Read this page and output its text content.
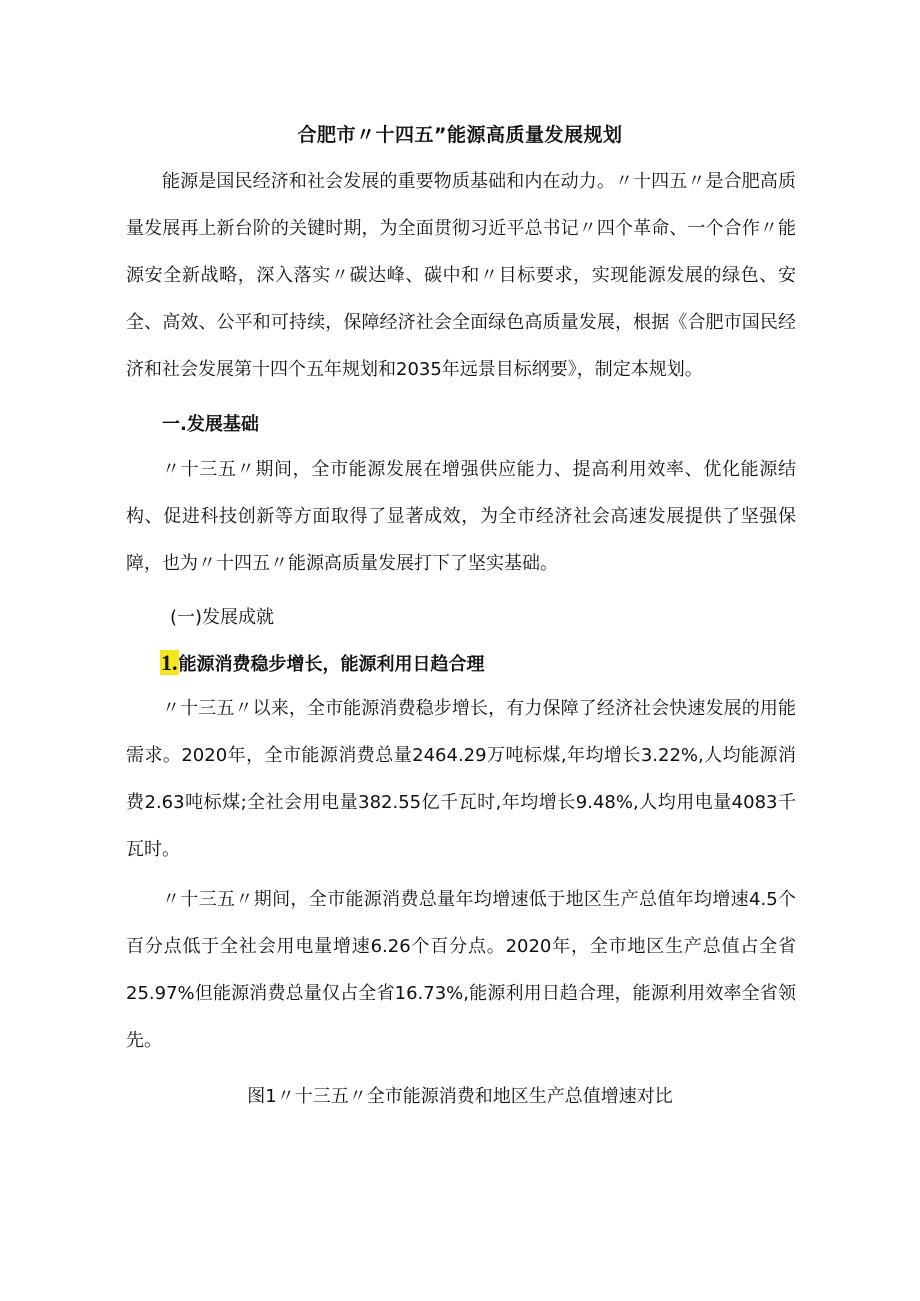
合肥市〃十四五”能源高质量发展规划

能源是国民经济和社会发展的重要物质基础和内在动力。〃十四五〃是合肥高质量发展再上新台阶的关键时期，为全面贯彻习近平总书记〃四个革命、一个合作〃能源安全新战略，深入落实〃碳达峰、碳中和〃目标要求，实现能源发展的绿色、安全、高效、公平和可持续，保障经济社会全面绿色高质量发展，根据《合肥市国民经济和社会发展第十四个五年规划和2035年远景目标纲要》，制定本规划。

一.发展基础

〃十三五〃期间，全市能源发展在增强供应能力、提高利用效率、优化能源结构、促进科技创新等方面取得了显著成效，为全市经济社会高速发展提供了坚强保障，也为〃十四五〃能源高质量发展打下了坚实基础。

(一)发展成就
1.能源消费稳步增长，能源利用日趋合理

〃十三五〃以来，全市能源消费稳步增长，有力保障了经济社会快速发展的用能需求。2020年，全市能源消费总量2464.29万吨标煤,年均增长3.22%,人均能源消费2.63吨标煤;全社会用电量382.55亿千瓦时,年均增长9.48%,人均用电量4083千瓦时。

〃十三五〃期间，全市能源消费总量年均增速低于地区生产总值年均增速4.5个百分点低于全社会用电量增速6.26个百分点。2020年，全市地区生产总值占全省25.97%但能源消费总量仅占全省16.73%,能源利用日趋合理，能源利用效率全省领先。

图1〃十三五〃全市能源消费和地区生产总值增速对比
